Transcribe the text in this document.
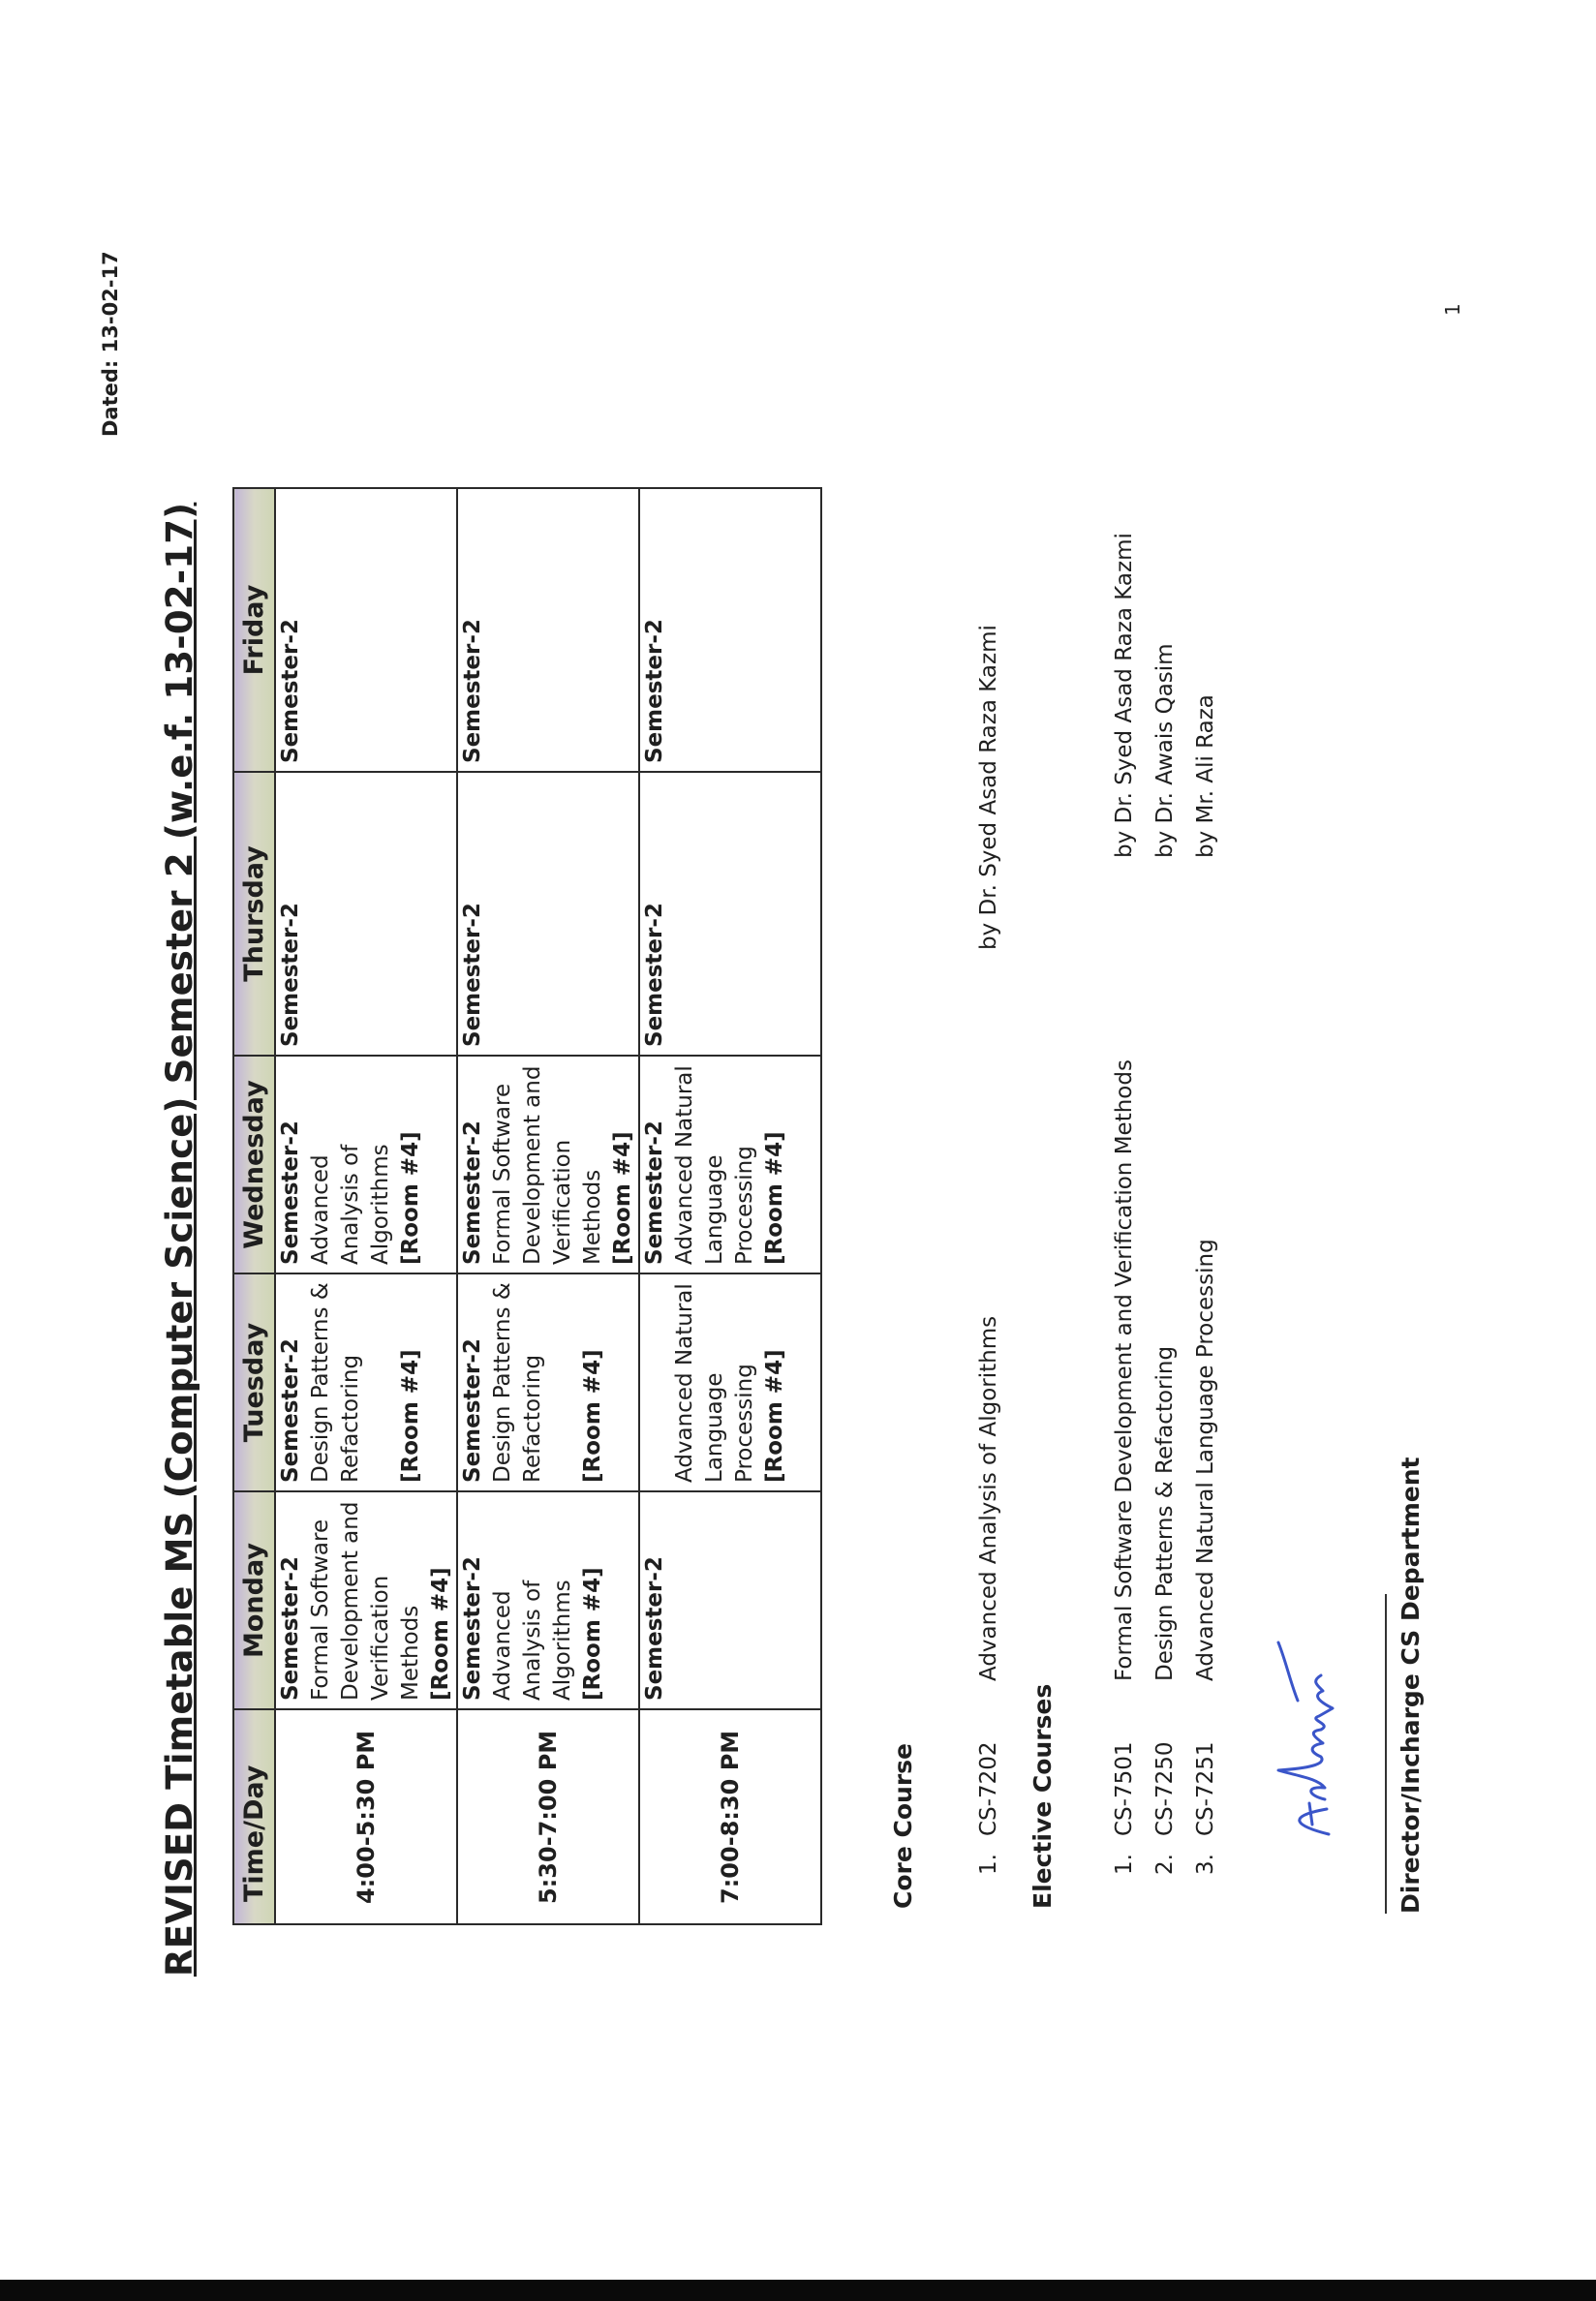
Dated: 13-02-17
REVISED Timetable MS (Computer Science) Semester 2 (w.e.f. 13-02-17) Time/Day	Monday	Tuesday	Wednesday	Thursday	Friday
4:00-5:30 PM	Semester-2 Formal Software Development and Verification Methods [Room #4]	Semester-2 Design Patterns & Refactoring [Room #4]	Semester-2 Advanced Analysis of Algorithms [Room #4]	Semester-2	Semester-2

5:30-7:00 PM	Semester-2 Advanced Analysis of Algorithms [Room #4]	Semester-2 Design Patterns & Refactoring [Room #4]	Semester-2 Formal Software Development and Verification Methods [Room #4]	Semester-2	Semester-2

7:00-8:30 PM	Semester-2	Advanced Natural Language Processing [Room #4]	Semester-2 Advanced Natural Language Processing [Room #4]	Semester-2	Semester-2
Core Course	1.
CS-7202
Advanced Analysis of Algorithms
by Dr. Syed Asad Raza Kazmi
Elective Courses 1.
CS-7501
Formal Software Development and Verification Methods
by Dr. Syed Asad Raza Kazmi
2.
CS-7250
Design Patterns & Refactoring
by Dr. Awais Qasim
3.
CS-7251
Advanced Natural Language Processing
by Mr. Ali Raza
Director/Incharge CS Department
1
